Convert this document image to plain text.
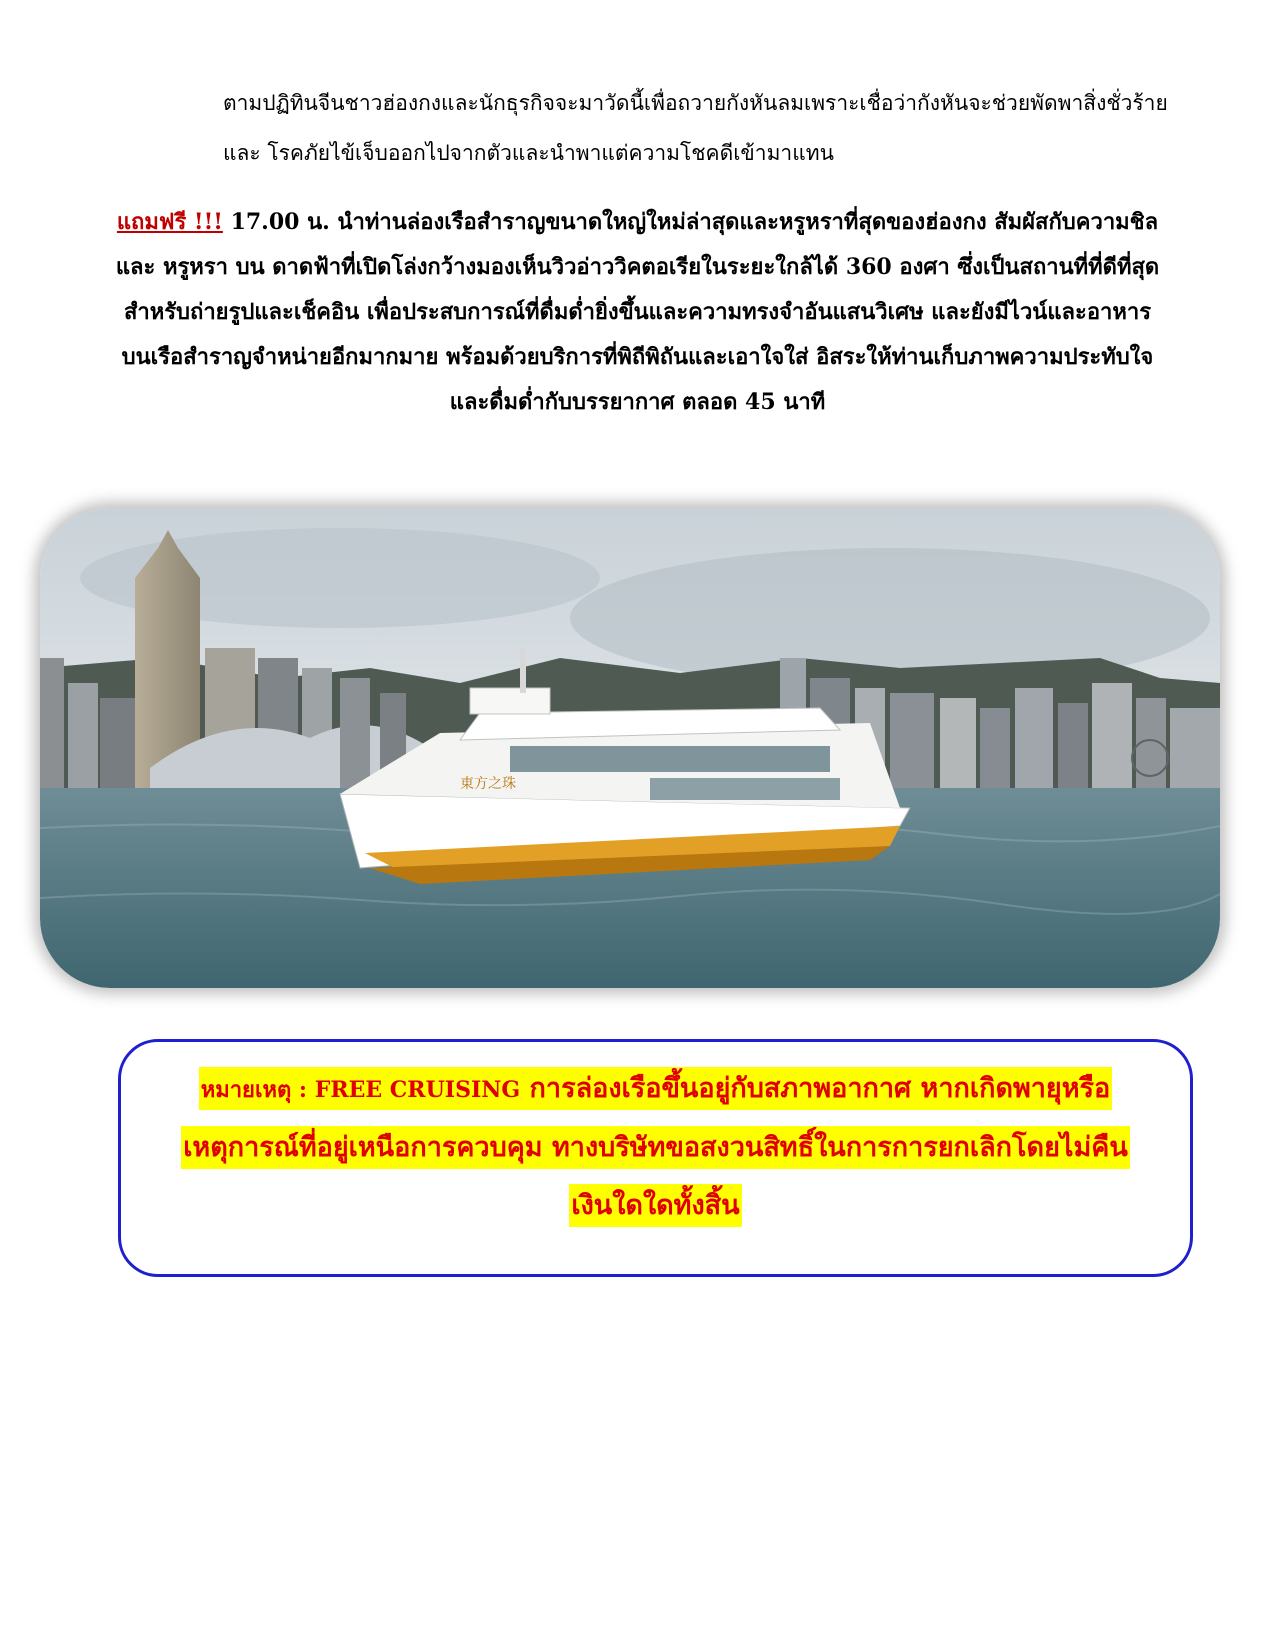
ตามปฏิทินจีนชาวฮ่องกงและนักธุรกิจจะมาวัดนี้เพื่อถวายกังหันลมเพราะเชื่อว่ากังหันจะช่วยพัดพาสิ่งชั่วร้าย

และ โรคภัยไข้เจ็บออกไปจากตัวและนำพาแต่ความโชคดีเข้ามาแทน

แถมฟรี !!! 17.00 น. นำท่านล่องเรือสำราญขนาดใหญ่ใหม่ล่าสุดและหรูหราที่สุดของฮ่องกง สัมผัสกับความชิล

และ หรูหรา บน ดาดฟ้าที่เปิดโล่งกว้างมองเห็นวิวอ่าววิคตอเรียในระยะใกล้ได้ 360 องศา ซึ่งเป็นสถานที่ที่ดีที่สุด

สำหรับถ่ายรูปและเช็คอิน เพื่อประสบการณ์ที่ดื่มด่ำยิ่งขึ้นและความทรงจำอันแสนวิเศษ และยังมีไวน์และอาหาร

บนเรือสำราญจำหน่ายอีกมากมาย พร้อมด้วยบริการที่พิถีพิถันและเอาใจใส่ อิสระให้ท่านเก็บภาพความประทับใจ

และดื่มด่ำกับบรรยากาศ ตลอด 45 นาที

東方之珠

หมายเหตุ : FREE CRUISING การล่องเรือขึ้นอยู่กับสภาพอากาศ หากเกิดพายุหรือ

เหตุการณ์ที่อยู่เหนือการควบคุม ทางบริษัทขอสงวนสิทธิ์ในการการยกเลิกโดยไม่คืน

เงินใดใดทั้งสิ้น
